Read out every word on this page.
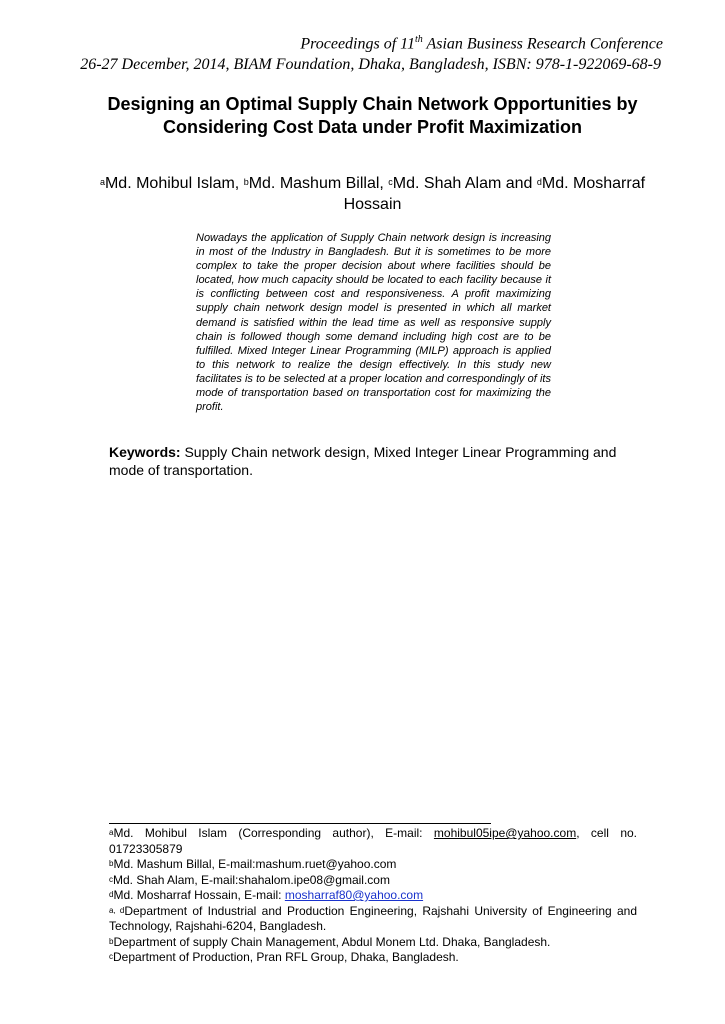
Proceedings of 11th Asian Business Research Conference
26-27 December, 2014, BIAM Foundation, Dhaka, Bangladesh, ISBN: 978-1-922069-68-9
Designing an Optimal Supply Chain Network Opportunities by Considering Cost Data under Profit Maximization
$^a$Md. Mohibul Islam, $^b$Md. Mashum Billal, $^c$Md. Shah Alam and $^d$Md. Mosharraf Hossain
Nowadays the application of Supply Chain network design is increasing in most of the Industry in Bangladesh. But it is sometimes to be more complex to take the proper decision about where facilities should be located, how much capacity should be located to each facility because it is conflicting between cost and responsiveness. A profit maximizing supply chain network design model is presented in which all market demand is satisfied within the lead time as well as responsive supply chain is followed though some demand including high cost are to be fulfilled. Mixed Integer Linear Programming (MILP) approach is applied to this network to realize the design effectively. In this study new facilitates is to be selected at a proper location and correspondingly of its mode of transportation based on transportation cost for maximizing the profit.
Keywords: Supply Chain network design, Mixed Integer Linear Programming and mode of transportation.

$^a$Md. Mohibul Islam (Corresponding author), E-mail: mohibul05ipe@yahoo.com, cell no. 01723305879

$^b$Md. Mashum Billal, E-mail:mashum.ruet@yahoo.com

$^c$Md. Shah Alam, E-mail:shahalom.ipe08@gmail.com

$^d$Md. Mosharraf Hossain, E-mail: mosharraf80@yahoo.com

$^{a, d}$Department of Industrial and Production Engineering, Rajshahi University of Engineering and Technology, Rajshahi-6204, Bangladesh.

$^b$Department of supply Chain Management, Abdul Monem Ltd. Dhaka, Bangladesh.

$^c$Department of Production, Pran RFL Group, Dhaka, Bangladesh.
